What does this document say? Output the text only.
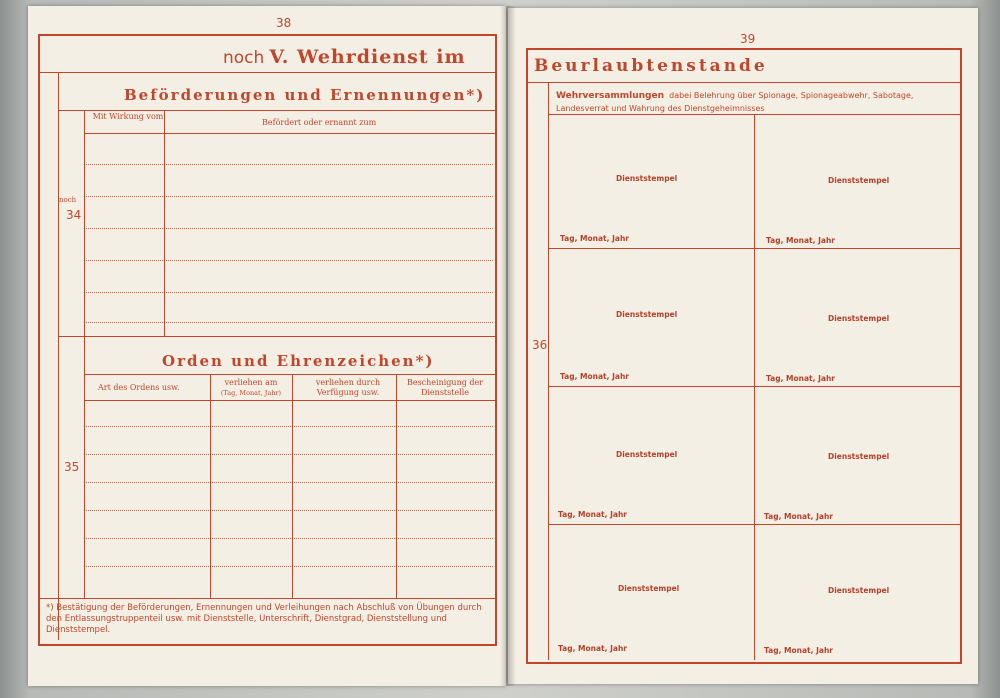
38
noch V. Wehrdienst im
Beförderungen und Ernennungen*)
Mit Wirkung vom
Befördert oder ernannt zum
noch
34
Orden und Ehrenzeichen*)
Art des Ordens usw.
verliehen am
(Tag, Monat, Jahr)
verliehen durch Verfügung usw.
Bescheinigung der Dienststelle
35
*) Bestätigung der Beförderungen, Ernennungen und Verleihungen nach Abschluß von Übungen durch den Entlassungstruppenteil usw. mit Dienststelle, Unterschrift, Dienstgrad, Dienststellung und Dienststempel.
39
Beurlaubtenstande
Wehrversammlungen dabei Belehrung über Spionage, Spionageabwehr, Sabotage, Landesverrat und Wahrung des Dienstgeheimnisses
36
Dienststempel
Tag, Monat, Jahr
Dienststempel
Tag, Monat, Jahr
Dienststempel
Tag, Monat, Jahr
Dienststempel
Tag, Monat, Jahr
Dienststempel
Tag, Monat, Jahr
Dienststempel
Tag, Monat, Jahr
Dienststempel
Tag, Monat, Jahr
Dienststempel
Tag, Monat, Jahr
